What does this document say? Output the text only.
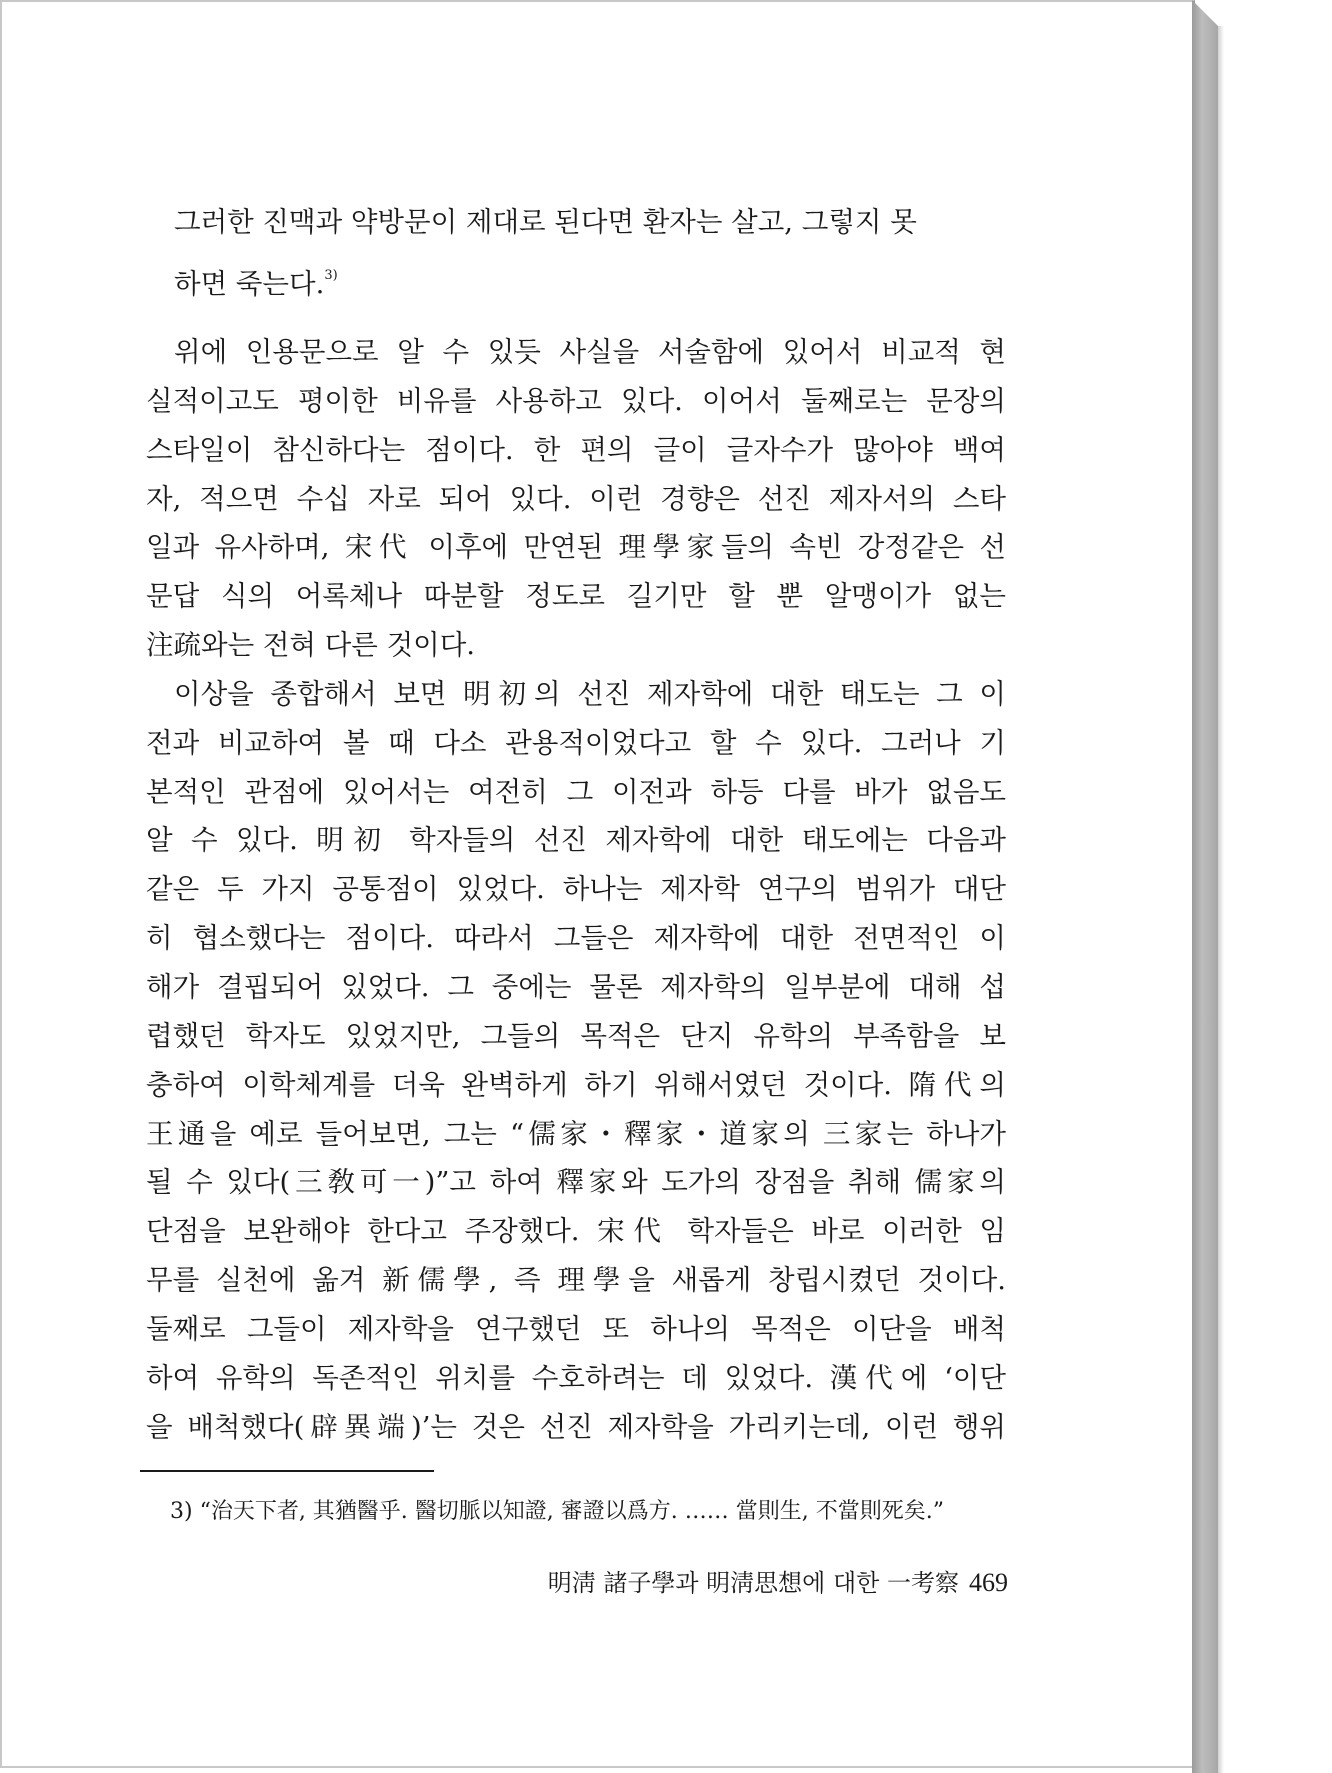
그러한 진맥과 약방문이 제대로 된다면 환자는 살고, 그렇지 못
하면 죽는다.$^{3)}$
위에 인용문으로 알 수 있듯 사실을 서술함에 있어서 비교적 현
실적이고도 평이한 비유를 사용하고 있다. 이어서 둘째로는 문장의
스타일이 참신하다는 점이다. 한 편의 글이 글자수가 많아야 백여
자, 적으면 수십 자로 되어 있다. 이런 경향은 선진 제자서의 스타
일과 유사하며, 宋代 이후에 만연된 理學家들의 속빈 강정같은 선
문답 식의 어록체나 따분할 정도로 길기만 할 뿐 알맹이가 없는
注疏와는 전혀 다른 것이다.
이상을 종합해서 보면 明初의 선진 제자학에 대한 태도는 그 이
전과 비교하여 볼 때 다소 관용적이었다고 할 수 있다. 그러나 기
본적인 관점에 있어서는 여전히 그 이전과 하등 다를 바가 없음도
알 수 있다. 明初 학자들의 선진 제자학에 대한 태도에는 다음과
같은 두 가지 공통점이 있었다. 하나는 제자학 연구의 범위가 대단
히 협소했다는 점이다. 따라서 그들은 제자학에 대한 전면적인 이
해가 결핍되어 있었다. 그 중에는 물론 제자학의 일부분에 대해 섭
렵했던 학자도 있었지만, 그들의 목적은 단지 유학의 부족함을 보
충하여 이학체계를 더욱 완벽하게 하기 위해서였던 것이다. 隋代의
王通을 예로 들어보면, 그는 “儒家・釋家・道家의 三家는 하나가
될 수 있다(三敎可一)”고 하여 釋家와 도가의 장점을 취해 儒家의
단점을 보완해야 한다고 주장했다. 宋代 학자들은 바로 이러한 임
무를 실천에 옮겨 新儒學, 즉 理學을 새롭게 창립시켰던 것이다.
둘째로 그들이 제자학을 연구했던 또 하나의 목적은 이단을 배척
하여 유학의 독존적인 위치를 수호하려는 데 있었다. 漢代에 ‘이단
을 배척했다(辟異端)’는 것은 선진 제자학을 가리키는데, 이런 행위
3) “治天下者, 其猶醫乎. 醫切脈以知證, 審證以爲方. …… 當則生, 不當則死矣.”
明淸 諸子學과 明淸思想에 대한 一考察 469
